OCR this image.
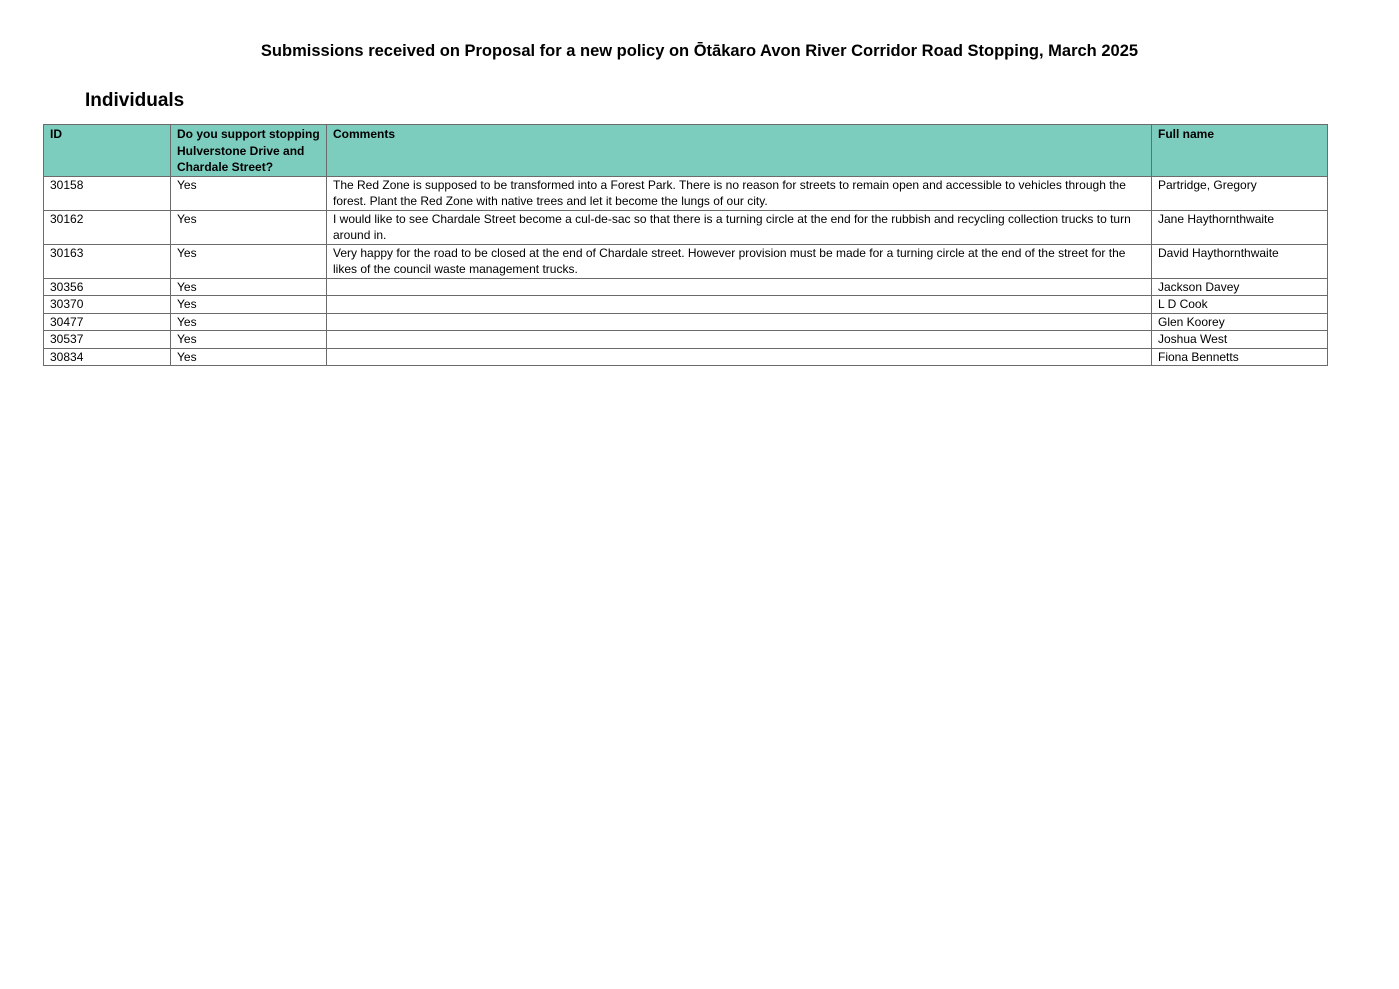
Submissions received on Proposal for a new policy on Ōtākaro Avon River Corridor Road Stopping, March 2025
Individuals
ID	Do you support stopping Hulverstone Drive and Chardale Street?	Comments	Full name
30158	Yes	The Red Zone is supposed to be transformed into a Forest Park. There is no reason for streets to remain open and accessible to vehicles through the forest. Plant the Red Zone with native trees and let it become the lungs of our city.	Partridge, Gregory
30162	Yes	I would like to see Chardale Street become a cul-de-sac so that there is a turning circle at the end for the rubbish and recycling collection trucks to turn around in.	Jane Haythornthwaite
30163	Yes	Very happy for the road to be closed at the end of Chardale street. However provision must be made for a turning circle at the end of the street for the likes of the council waste management trucks.	David Haythornthwaite
30356	Yes		Jackson Davey
30370	Yes		L D Cook
30477	Yes		Glen Koorey
30537	Yes		Joshua West
30834	Yes		Fiona Bennetts
